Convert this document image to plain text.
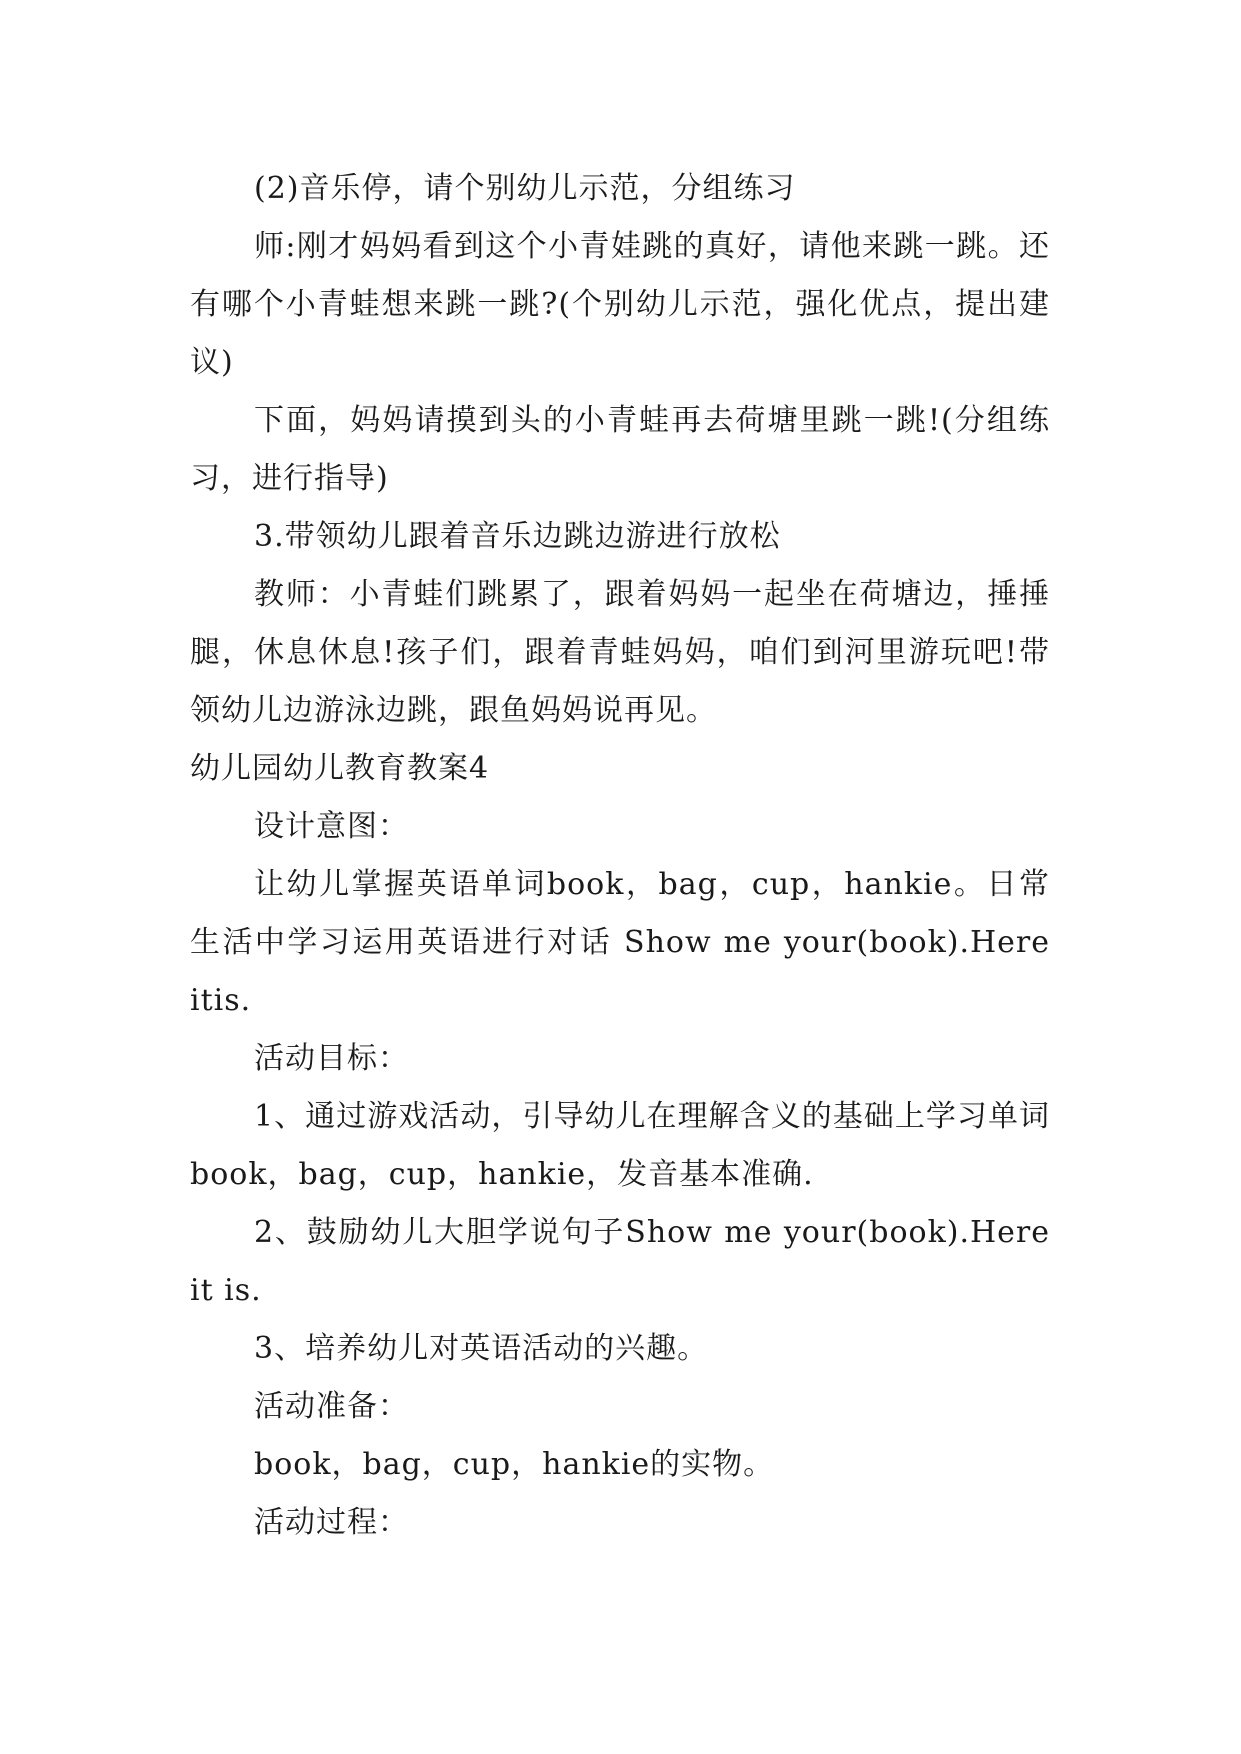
(2)音乐停，请个别幼儿示范，分组练习

师:刚才妈妈看到这个小青娃跳的真好，请他来跳一跳。还有哪个小青蛙想来跳一跳?(个别幼儿示范，强化优点，提出建议)

下面，妈妈请摸到头的小青蛙再去荷塘里跳一跳!(分组练习，进行指导)

3.带领幼儿跟着音乐边跳边游进行放松

教师：小青蛙们跳累了，跟着妈妈一起坐在荷塘边，捶捶腿，休息休息!孩子们，跟着青蛙妈妈，咱们到河里游玩吧!带领幼儿边游泳边跳，跟鱼妈妈说再见。

幼儿园幼儿教育教案4

设计意图：

让幼儿掌握英语单词book，bag，cup，hankie。日常生活中学习运用英语进行对话 Show me your(book).Here itis.

活动目标：

1、通过游戏活动，引导幼儿在理解含义的基础上学习单词book，bag，cup，hankie，发音基本准确.

2、鼓励幼儿大胆学说句子Show me your(book).Here it is.

3、培养幼儿对英语活动的兴趣。

活动准备：

book，bag，cup，hankie的实物。

活动过程：
